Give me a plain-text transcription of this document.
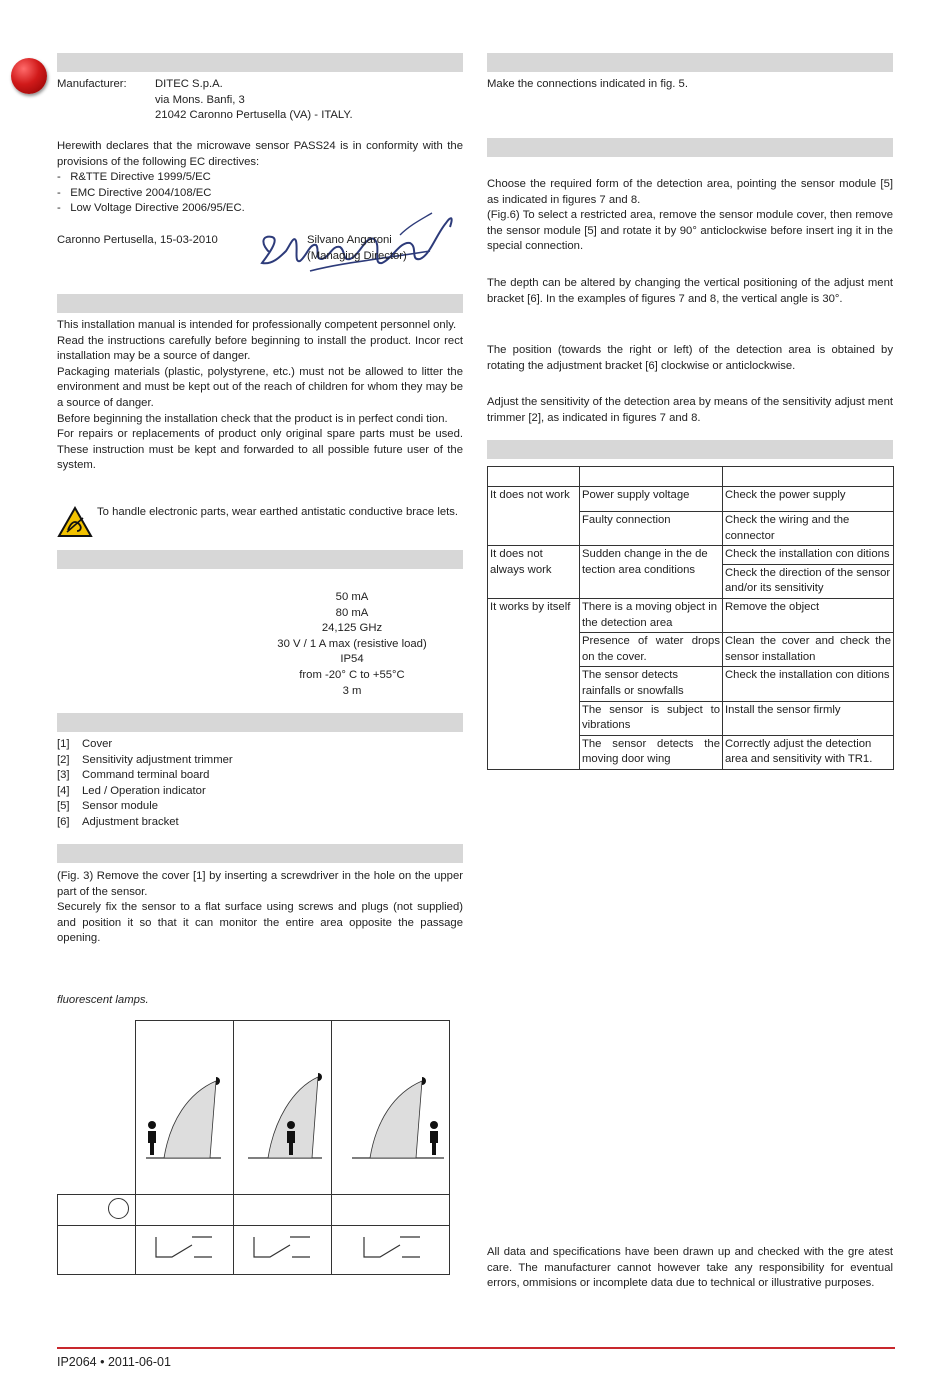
Manufacturer:	DITEC S.p.A.
via Mons. Banfi, 3
21042 Caronno Pertusella (VA) - ITALY.
Herewith declares that the microwave sensor PASS24 is in conformity with the provisions of the following EC directives:
-   R&TTE Directive 1999/5/EC
-   EMC Directive 2004/108/EC
-   Low Voltage Directive 2006/95/EC.
Caronno Pertusella, 15-03-2010	Silvano Angaroni
(Managing Director)

This installation manual is intended for professionally competent personnel only.

Read the instructions carefully before beginning to install the product. Incor rect installation may be a source of danger.

Packaging materials (plastic, polystyrene, etc.) must not be allowed to litter the environment and must be kept out of the reach of children for whom they may be a source of danger.

Before beginning the installation check that the product is in perfect condi tion.

For repairs or replacements of product only original spare parts must be used. These instruction must be kept and forwarded to all possible future user of the system.

To handle electronic parts, wear earthed antistatic conductive brace lets.
50 mA
80 mA
24,125 GHz
30 V / 1 A max (resistive load)
IP54
from -20° C to +55°C
3 m
[1] Cover
[2] Sensitivity adjustment trimmer
[3] Command terminal board
[4] Led / Operation indicator
[5] Sensor module
[6] Adjustment bracket

(Fig. 3) Remove the cover [1] by inserting a screwdriver in the hole on the upper part of the sensor.

Securely fix the sensor to a flat surface using screws and plugs (not supplied) and position it so that it can monitor the entire area opposite the passage opening.

fluorescent lamps.
Make the connections indicated in fig. 5.

Choose the required form of the detection area, pointing the sensor module [5] as indicated in figures 7 and 8.

(Fig.6) To select a restricted area, remove the sensor module cover, then remove the sensor module [5] and rotate it by 90° anticlockwise before insert ing it in the special connection.

The depth can be altered by changing the vertical positioning of the adjust ment bracket [6]. In the examples of figures 7 and 8, the vertical angle is 30°.
The position (towards the right or left) of the detection area is obtained by rotating the adjustment bracket [6] clockwise or anticlockwise.
Adjust the sensitivity of the detection area by means of the sensitivity adjust ment trimmer [2], as indicated in figures 7 and 8.

It does not work	Power supply voltage	Check the power supply
	Faulty connection	Check the wiring and the connector
It does not always work	Sudden change in the de tection area conditions	Check the installation con ditions
		Check the direction of the sensor and/or its sensitivity
It works by itself	There is a moving object in the detection area	Remove the object
	Presence of water drops on the cover.	Clean the cover and check the sensor installation
	The sensor detects rainfalls or snowfalls	Check the installation con ditions
	The sensor is subject to vibrations	Install the sensor firmly
	The sensor detects the moving door wing	Correctly adjust the detection area and sensitivity with TR1.
All data and specifications have been drawn up and checked with the gre atest care. The manufacturer cannot however take any responsibility for eventual errors, ommisions or incomplete data due to technical or illustrative purposes.
IP2064 • 2011-06-01
